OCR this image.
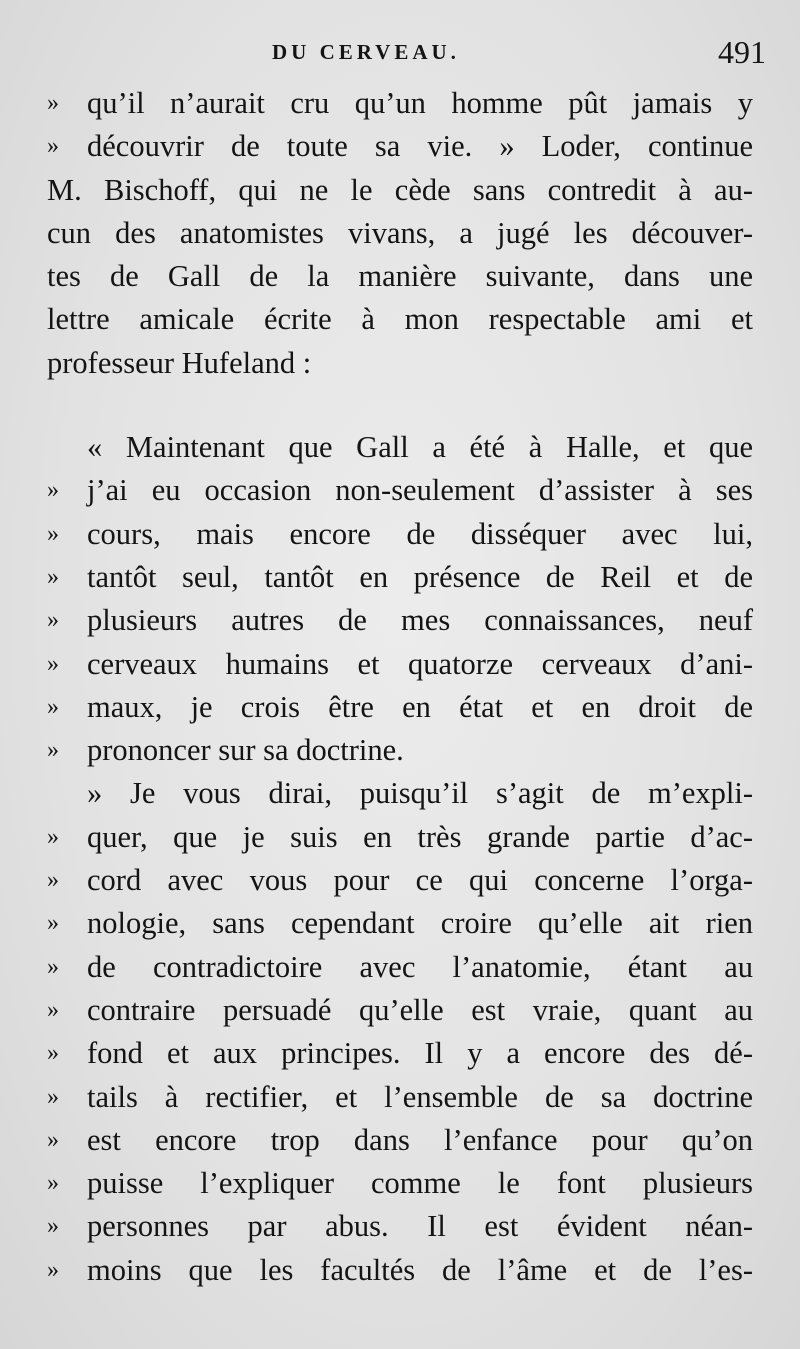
DU CERVEAU.	491
» qu’il n’aurait cru qu’un homme pût jamais y
» découvrir de toute sa vie. » Loder, continue
M. Bischoff, qui ne le cède sans contredit à au-
cun des anatomistes vivans, a jugé les découver-
tes de Gall de la manière suivante, dans une
lettre amicale écrite à mon respectable ami et
professeur Hufeland :
« Maintenant que Gall a été à Halle, et que
» j’ai eu occasion non-seulement d’assister à ses
» cours, mais encore de disséquer avec lui,
» tantôt seul, tantôt en présence de Reil et de
» plusieurs autres de mes connaissances, neuf
» cerveaux humains et quatorze cerveaux d’ani-
» maux, je crois être en état et en droit de
» prononcer sur sa doctrine.
» Je vous dirai, puisqu’il s’agit de m’expli-
» quer, que je suis en très grande partie d’ac-
» cord avec vous pour ce qui concerne l’orga-
» nologie, sans cependant croire qu’elle ait rien
» de contradictoire avec l’anatomie, étant au
» contraire persuadé qu’elle est vraie, quant au
» fond et aux principes. Il y a encore des dé-
» tails à rectifier, et l’ensemble de sa doctrine
» est encore trop dans l’enfance pour qu’on
» puisse l’expliquer comme le font plusieurs
» personnes par abus. Il est évident néan-
» moins que les facultés de l’âme et de l’es-
